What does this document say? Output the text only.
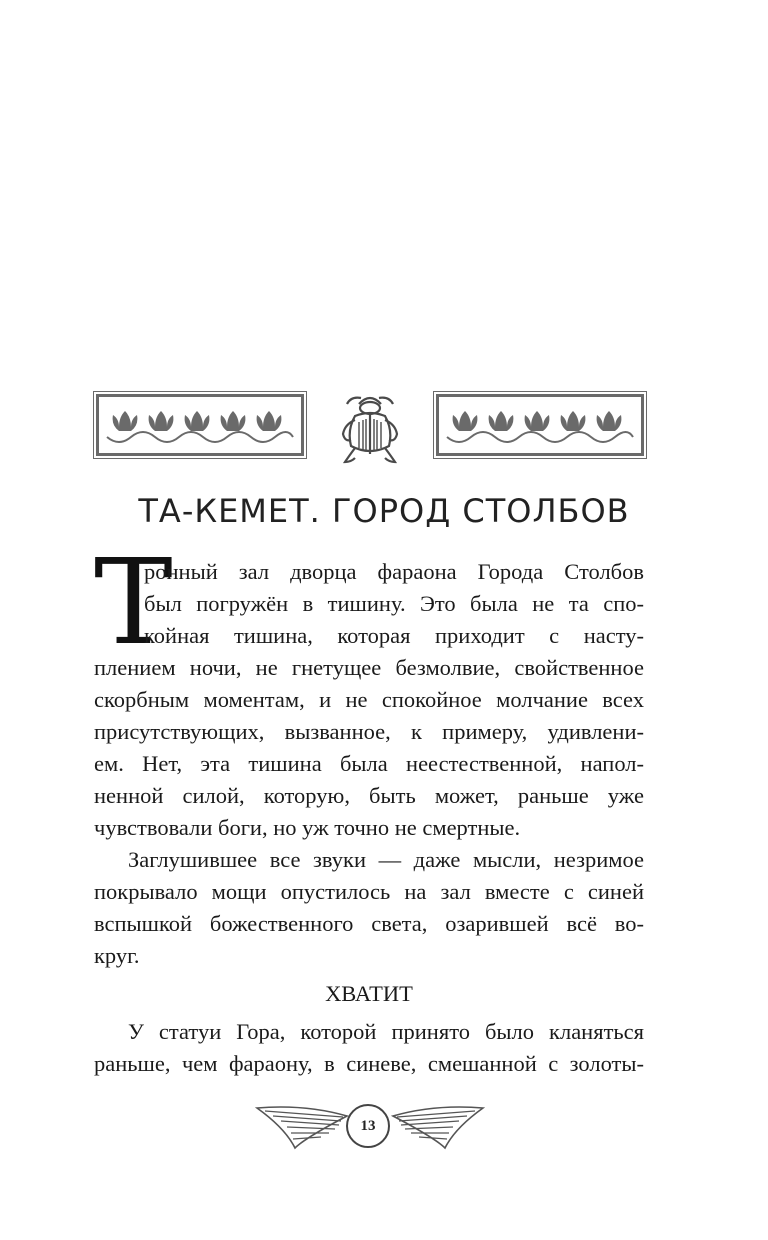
ТА-КЕМЕТ. ГОРОД СТОЛБОВ
Т
ронный зал дворца фараона Города Столбов
был погружён в тишину. Это была не та спо-
койная тишина, которая приходит с насту-
плением ночи, не гнетущее безмолвие, свойственное
скорбным моментам, и не спокойное молчание всех
присутствующих, вызванное, к примеру, удивлени-
ем. Нет, эта тишина была неестественной, напол-
ненной силой, которую, быть может, раньше уже
чувствовали боги, но уж точно не смертные.
Заглушившее все звуки — даже мысли, незримое
покрывало мощи опустилось на зал вместе с синей
вспышкой божественного света, озарившей всё во-
круг.
ХВАТИТ
У статуи Гора, которой принято было кланяться
раньше, чем фараону, в синеве, смешанной с золоты-
13
